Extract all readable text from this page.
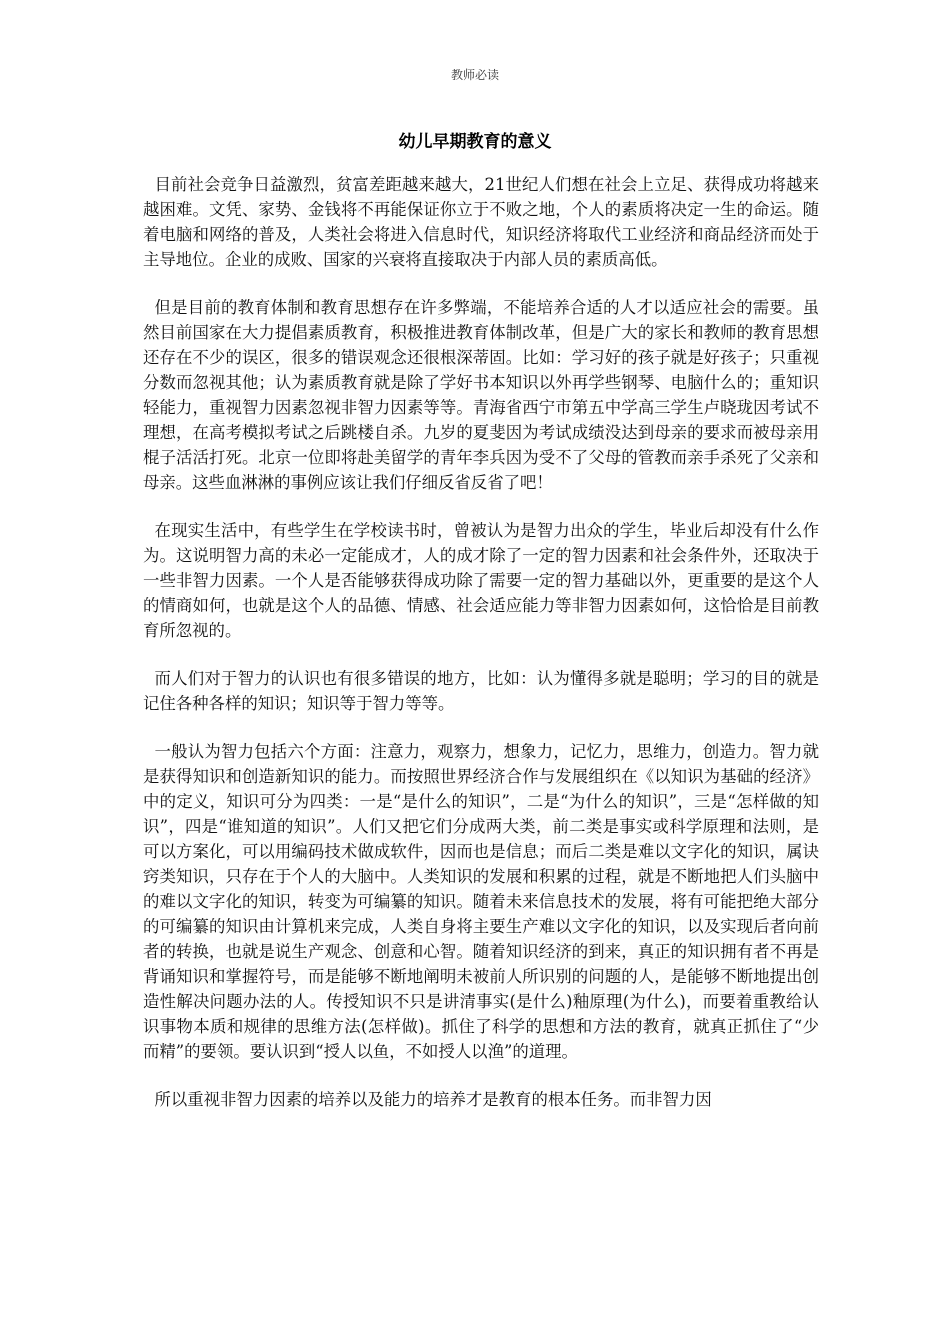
教师必读
幼儿早期教育的意义

目前社会竞争日益激烈，贫富差距越来越大，21世纪人们想在社会上立足、获得成功将越来越困难。文凭、家势、金钱将不再能保证你立于不败之地，个人的素质将决定一生的命运。随着电脑和网络的普及，人类社会将进入信息时代，知识经济将取代工业经济和商品经济而处于主导地位。企业的成败、国家的兴衰将直接取决于内部人员的素质高低。

但是目前的教育体制和教育思想存在许多弊端，不能培养合适的人才以适应社会的需要。虽然目前国家在大力提倡素质教育，积极推进教育体制改革，但是广大的家长和教师的教育思想还存在不少的误区，很多的错误观念还很根深蒂固。比如：学习好的孩子就是好孩子；只重视分数而忽视其他；认为素质教育就是除了学好书本知识以外再学些钢琴、电脑什么的；重知识轻能力，重视智力因素忽视非智力因素等等。青海省西宁市第五中学高三学生卢晓珑因考试不理想，在高考模拟考试之后跳楼自杀。九岁的夏斐因为考试成绩没达到母亲的要求而被母亲用棍子活活打死。北京一位即将赴美留学的青年李兵因为受不了父母的管教而亲手杀死了父亲和母亲。这些血淋淋的事例应该让我们仔细反省反省了吧！

在现实生活中，有些学生在学校读书时，曾被认为是智力出众的学生，毕业后却没有什么作为。这说明智力高的未必一定能成才，人的成才除了一定的智力因素和社会条件外，还取决于一些非智力因素。一个人是否能够获得成功除了需要一定的智力基础以外，更重要的是这个人的情商如何，也就是这个人的品德、情感、社会适应能力等非智力因素如何，这恰恰是目前教育所忽视的。

而人们对于智力的认识也有很多错误的地方，比如：认为懂得多就是聪明；学习的目的就是记住各种各样的知识；知识等于智力等等。

一般认为智力包括六个方面：注意力，观察力，想象力，记忆力，思维力，创造力。智力就是获得知识和创造新知识的能力。而按照世界经济合作与发展组织在《以知识为基础的经济》中的定义，知识可分为四类：一是“是什么的知识”，二是“为什么的知识”，三是“怎样做的知识”，四是“谁知道的知识”。人们又把它们分成两大类，前二类是事实或科学原理和法则，是可以方案化，可以用编码技术做成软件，因而也是信息；而后二类是难以文字化的知识，属诀窍类知识，只存在于个人的大脑中。人类知识的发展和积累的过程，就是不断地把人们头脑中的难以文字化的知识，转变为可编纂的知识。随着未来信息技术的发展，将有可能把绝大部分的可编纂的知识由计算机来完成，人类自身将主要生产难以文字化的知识，以及实现后者向前者的转换，也就是说生产观念、创意和心智。随着知识经济的到来，真正的知识拥有者不再是背诵知识和掌握符号，而是能够不断地阐明未被前人所识别的问题的人，是能够不断地提出创造性解决问题办法的人。传授知识不只是讲清事实(是什么)釉原理(为什么)，而要着重教给认识事物本质和规律的思维方法(怎样做)。抓住了科学的思想和方法的教育，就真正抓住了“少而精”的要领。要认识到“授人以鱼，不如授人以渔”的道理。

所以重视非智力因素的培养以及能力的培养才是教育的根本任务。而非智力因
